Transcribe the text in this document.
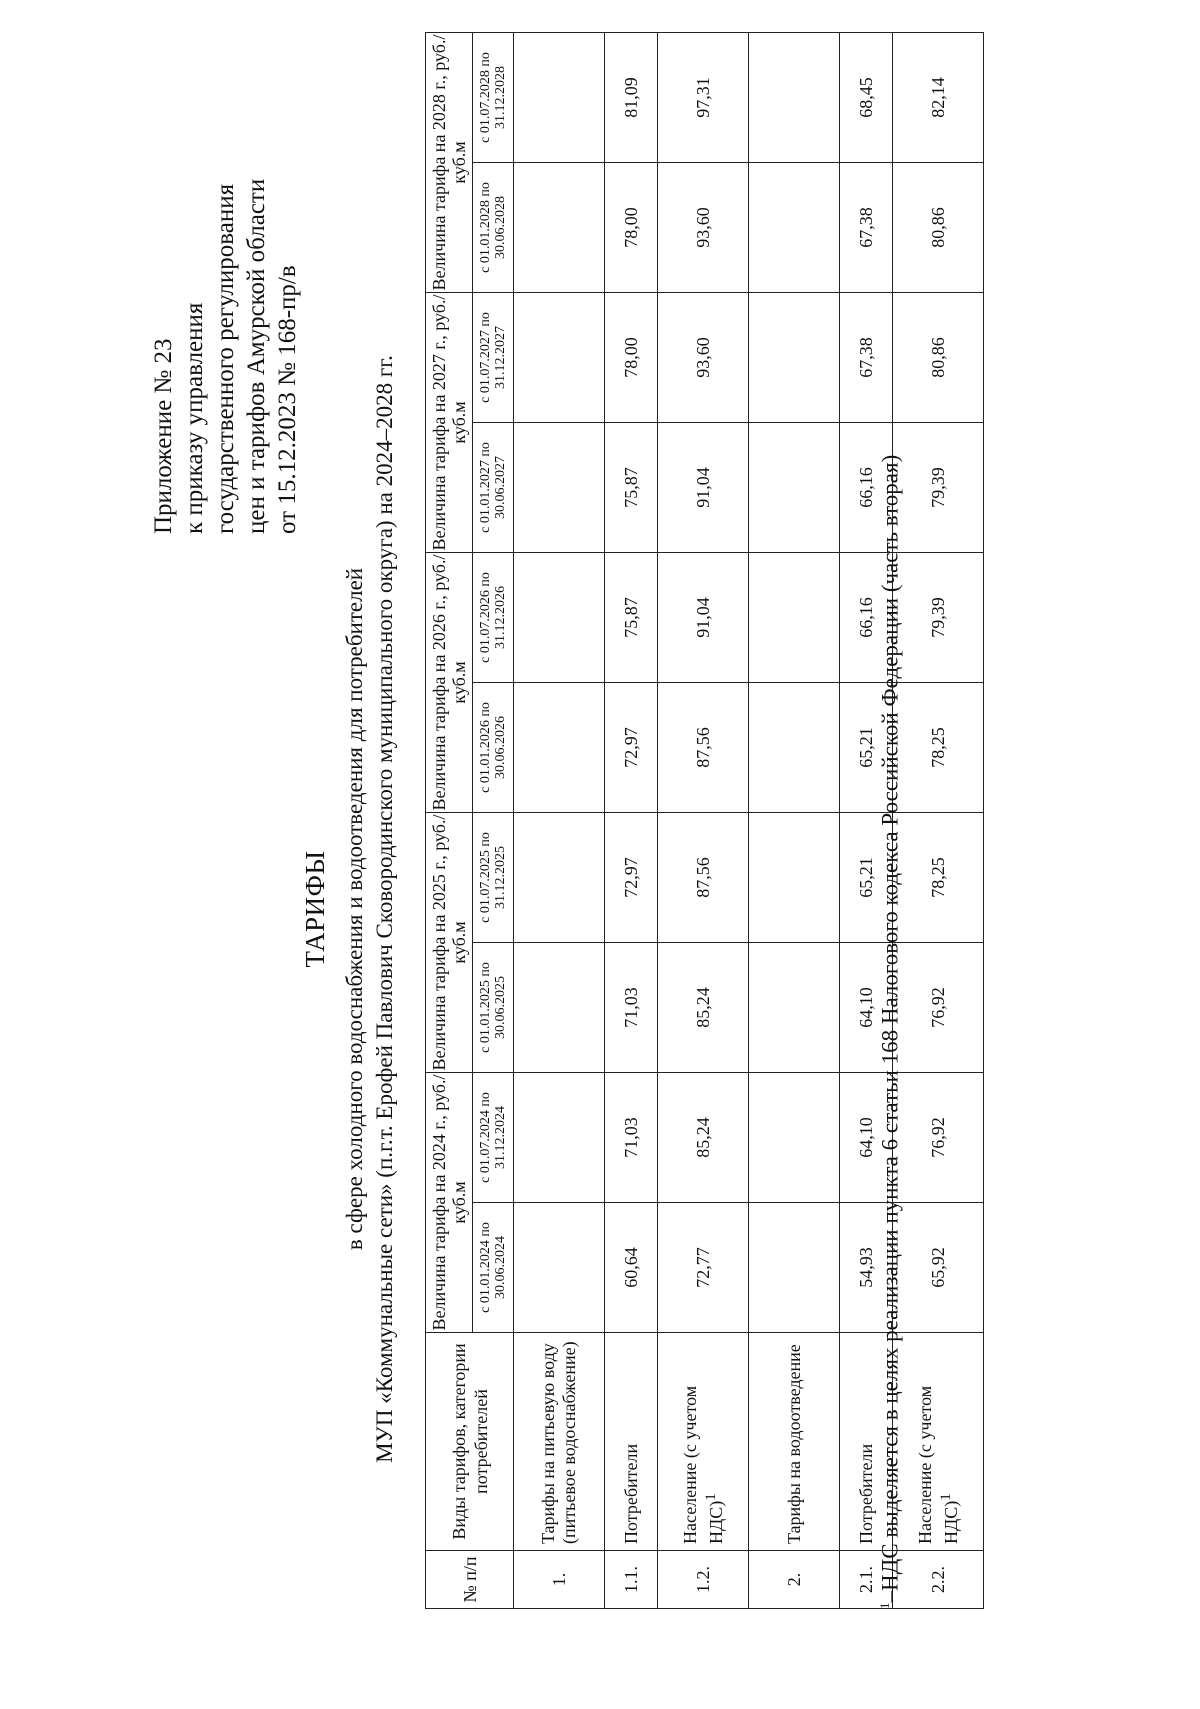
Приложение № 23 к приказу управления государственного регулирования цен и тарифов Амурской области от 15.12.2023 № 168-пр/в
ТАРИФЫ в сфере холодного водоснабжения и водоотведения для потребителей МУП «Коммунальные сети» (п.г.т. Ерофей Павлович Сковородинского муниципального округа) на 2024–2028 гг.
№ п/п	Виды тарифов, категории потребителей	Величина тарифа на 2024 г., руб./куб.м		Величина тарифа на 2025 г., руб./куб.м		Величина тарифа на 2026 г., руб./куб.м		Величина тарифа на 2027 г., руб./куб.м		Величина тарифа на 2028 г., руб./куб.м	
		с 01.01.2024 по 30.06.2024	с 01.07.2024 по 31.12.2024	с 01.01.2025 по 30.06.2025	с 01.07.2025 по 31.12.2025	с 01.01.2026 по 30.06.2026	с 01.07.2026 по 31.12.2026	с 01.01.2027 по 30.06.2027	с 01.07.2027 по 31.12.2027	с 01.01.2028 по 30.06.2028	с 01.07.2028 по 31.12.2028
1.	Тарифы на питьевую воду (питьевое водоснабжение)										
1.1.	Потребители	60,64	71,03	71,03	72,97	72,97	75,87	75,87	78,00	78,00	81,09
1.2.	Население (с учетом НДС)$^1$	72,77	85,24	85,24	87,56	87,56	91,04	91,04	93,60	93,60	97,31
2.	Тарифы на водоотведение										
2.1.	Потребители	54,93	64,10	64,10	65,21	65,21	66,16	66,16	67,38	67,38	68,45
2.2.	Население (с учетом НДС)$^1$	65,92	76,92	76,92	78,25	78,25	79,39	79,39	80,86	80,86	82,14
$^1$–НДС выделяется в целях реализации пункта 6 статьи 168 Налогового кодекса Российской Федерации (часть вторая)
